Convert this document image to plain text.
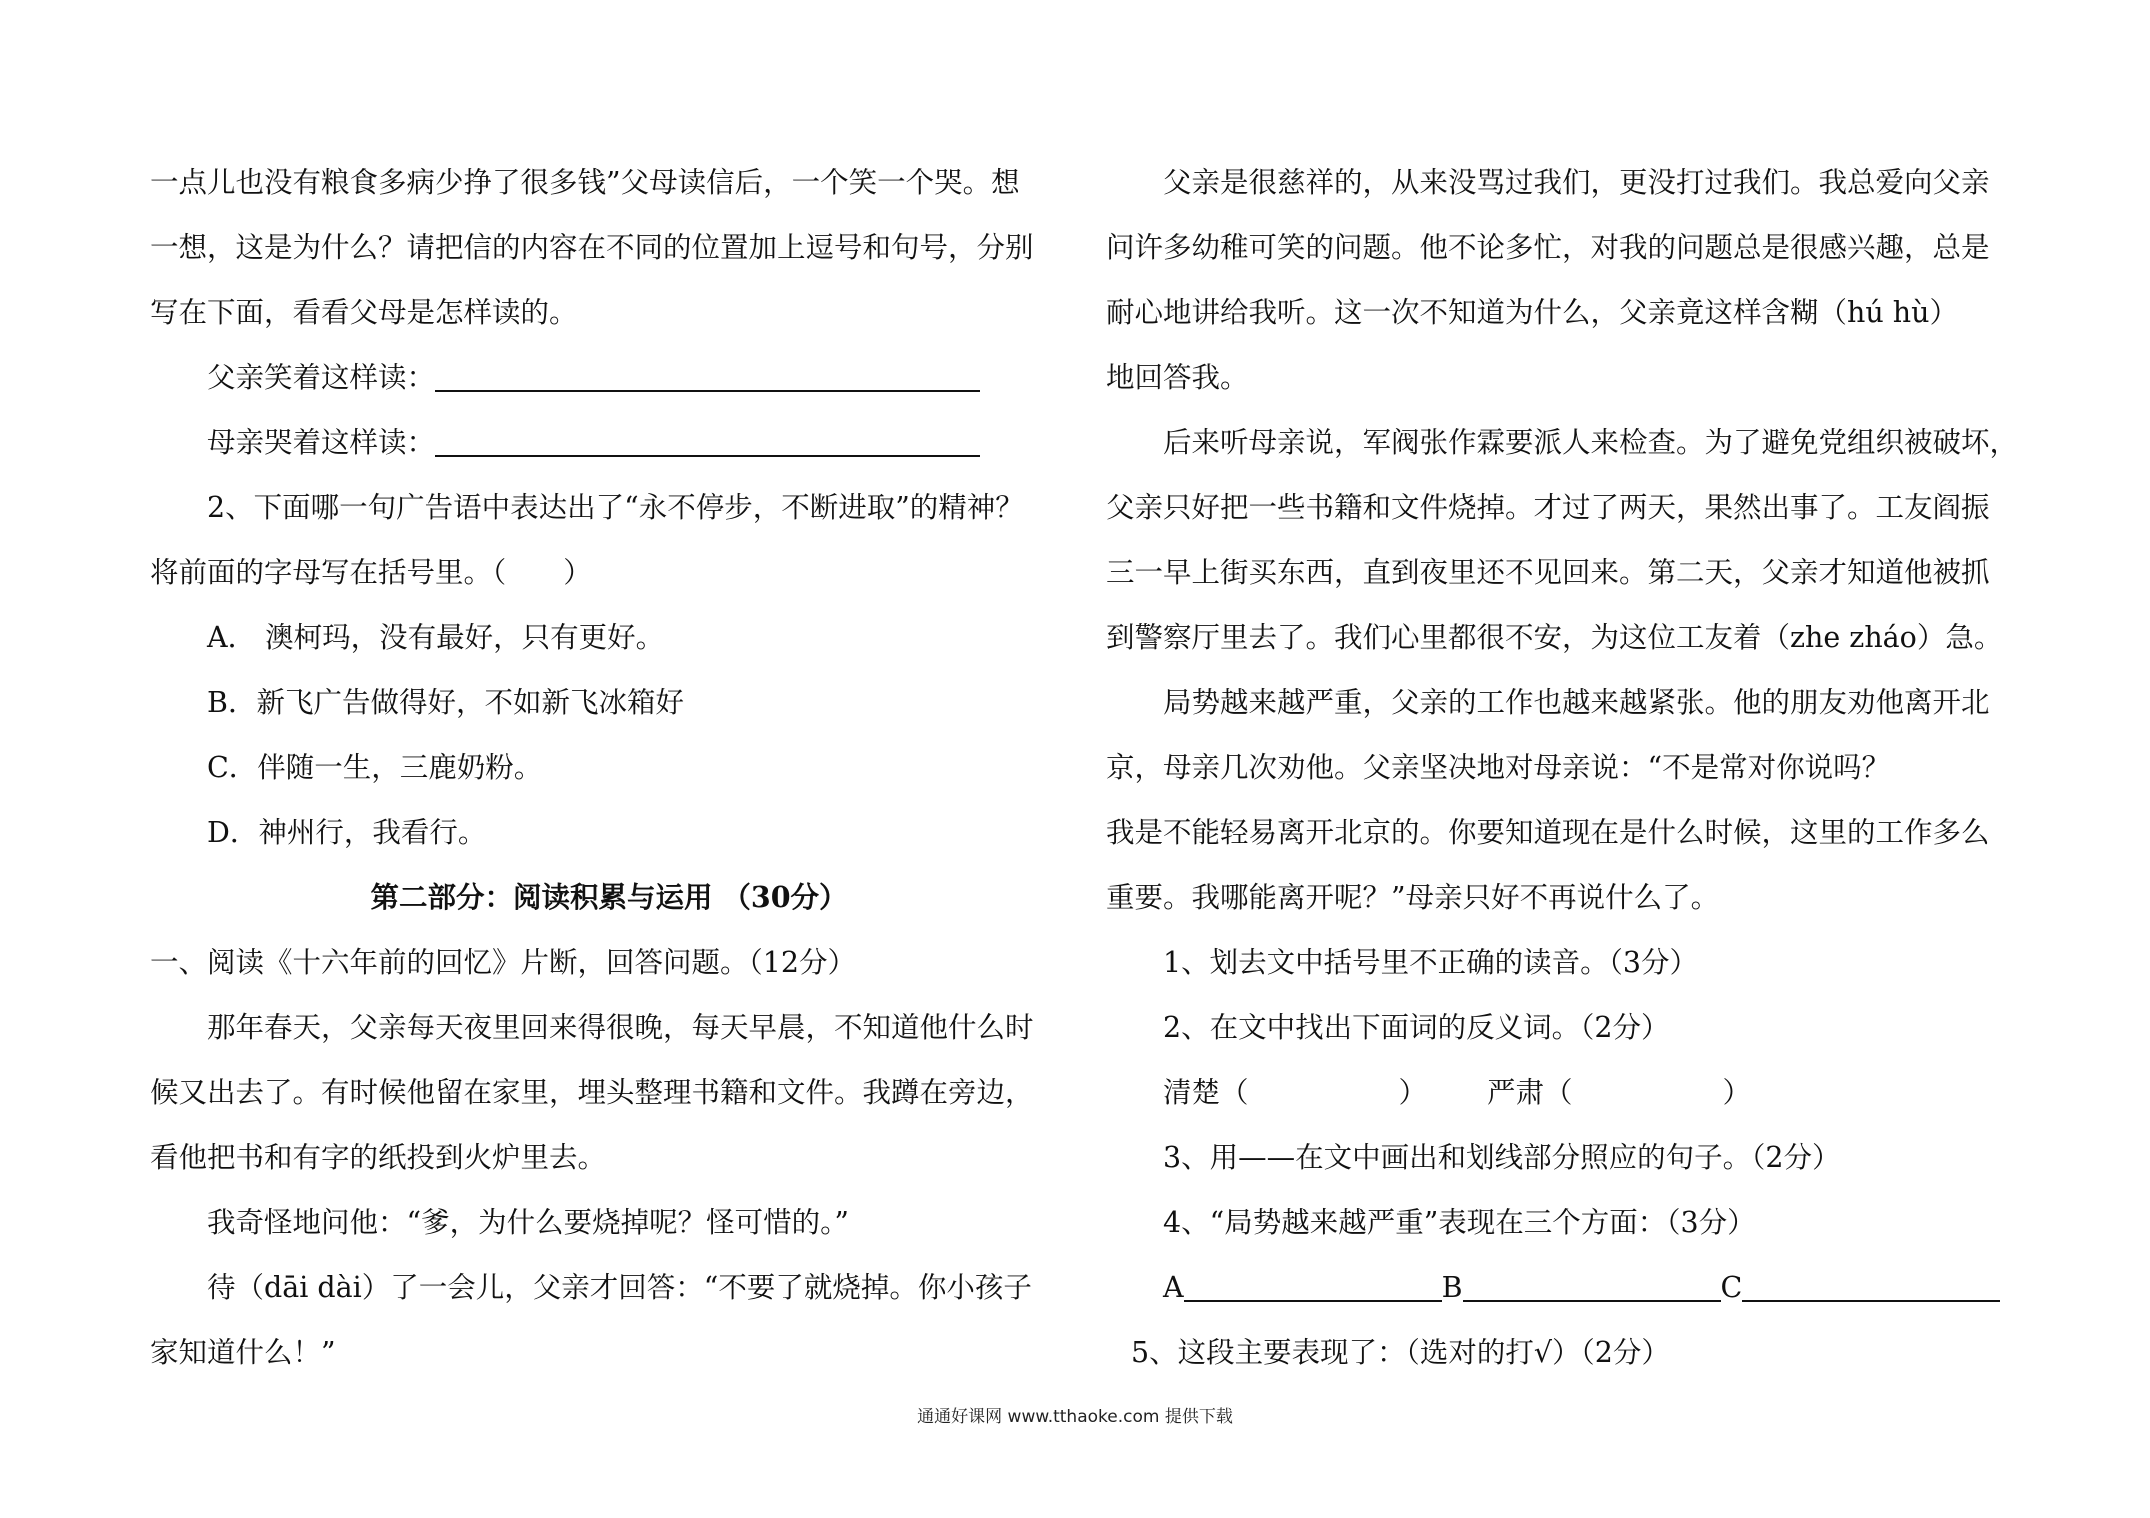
一点儿也没有粮食多病少挣了很多钱”父母读信后，一个笑一个哭。想
一想，这是为什么？请把信的内容在不同的位置加上逗号和句号，分别
写在下面，看看父母是怎样读的。
父亲笑着这样读：
母亲哭着这样读：
2、下面哪一句广告语中表达出了“永不停步，不断进取”的精神？
将前面的字母写在括号里。（　　）
A． 澳柯玛，没有最好，只有更好。
B．新飞广告做得好，不如新飞冰箱好
C．伴随一生，三鹿奶粉。
D．神州行，我看行。
第二部分：阅读积累与运用 （30分）
一、阅读《十六年前的回忆》片断，回答问题。（12分）
那年春天，父亲每天夜里回来得很晚，每天早晨，不知道他什么时
候又出去了。有时候他留在家里，埋头整理书籍和文件。我蹲在旁边，
看他把书和有字的纸投到火炉里去。
我奇怪地问他：“爹，为什么要烧掉呢？怪可惜的。”
待（dāi dài）了一会儿，父亲才回答：“不要了就烧掉。你小孩子
家知道什么！”
父亲是很慈祥的，从来没骂过我们，更没打过我们。我总爱向父亲
问许多幼稚可笑的问题。他不论多忙，对我的问题总是很感兴趣，总是
耐心地讲给我听。这一次不知道为什么，父亲竟这样含糊（hú hù）
地回答我。
后来听母亲说，军阀张作霖要派人来检查。为了避免党组织被破坏，
父亲只好把一些书籍和文件烧掉。才过了两天，果然出事了。工友阎振
三一早上街买东西，直到夜里还不见回来。第二天，父亲才知道他被抓
到警察厅里去了。我们心里都很不安，为这位工友着（zhe zháo）急。
局势越来越严重，父亲的工作也越来越紧张。他的朋友劝他离开北
京，母亲几次劝他。父亲坚决地对母亲说：“不是常对你说吗？
我是不能轻易离开北京的。你要知道现在是什么时候，这里的工作多么
重要。我哪能离开呢？”母亲只好不再说什么了。
1、划去文中括号里不正确的读音。（3分）
2、在文中找出下面词的反义词。（2分）
清楚（	） 严肃（	）
3、用——在文中画出和划线部分照应的句子。（2分）
4、“局势越来越严重”表现在三个方面：（3分）
A	B	C
5、这段主要表现了：（选对的打√）（2分）
通通好课网 www.tthaoke.com 提供下载
